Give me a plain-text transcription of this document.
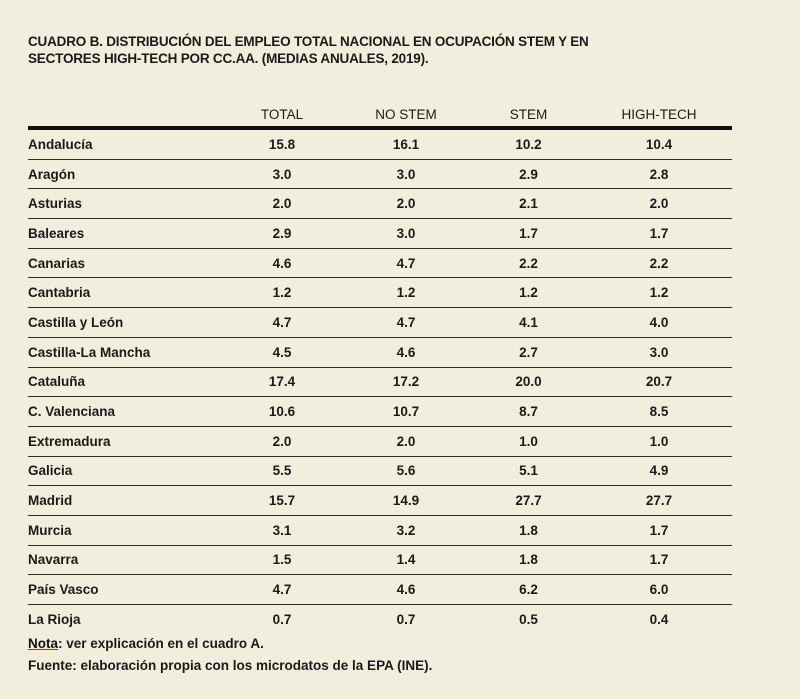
CUADRO B. DISTRIBUCIÓN DEL EMPLEO TOTAL NACIONAL EN OCUPACIÓN STEM Y EN
SECTORES HIGH-TECH POR CC.AA. (MEDIAS ANUALES, 2019).
	TOTAL	NO STEM	STEM	HIGH-TECH
Andalucía	15.8	16.1	10.2	10.4
Aragón	3.0	3.0	2.9	2.8
Asturias	2.0	2.0	2.1	2.0
Baleares	2.9	3.0	1.7	1.7
Canarias	4.6	4.7	2.2	2.2
Cantabria	1.2	1.2	1.2	1.2
Castilla y León	4.7	4.7	4.1	4.0
Castilla-La Mancha	4.5	4.6	2.7	3.0
Cataluña	17.4	17.2	20.0	20.7
C. Valenciana	10.6	10.7	8.7	8.5
Extremadura	2.0	2.0	1.0	1.0
Galicia	5.5	5.6	5.1	4.9
Madrid	15.7	14.9	27.7	27.7
Murcia	3.1	3.2	1.8	1.7
Navarra	1.5	1.4	1.8	1.7
País Vasco	4.7	4.6	6.2	6.0
La Rioja	0.7	0.7	0.5	0.4
Nota: ver explicación en el cuadro A.
Fuente: elaboración propia con los microdatos de la EPA (INE).
